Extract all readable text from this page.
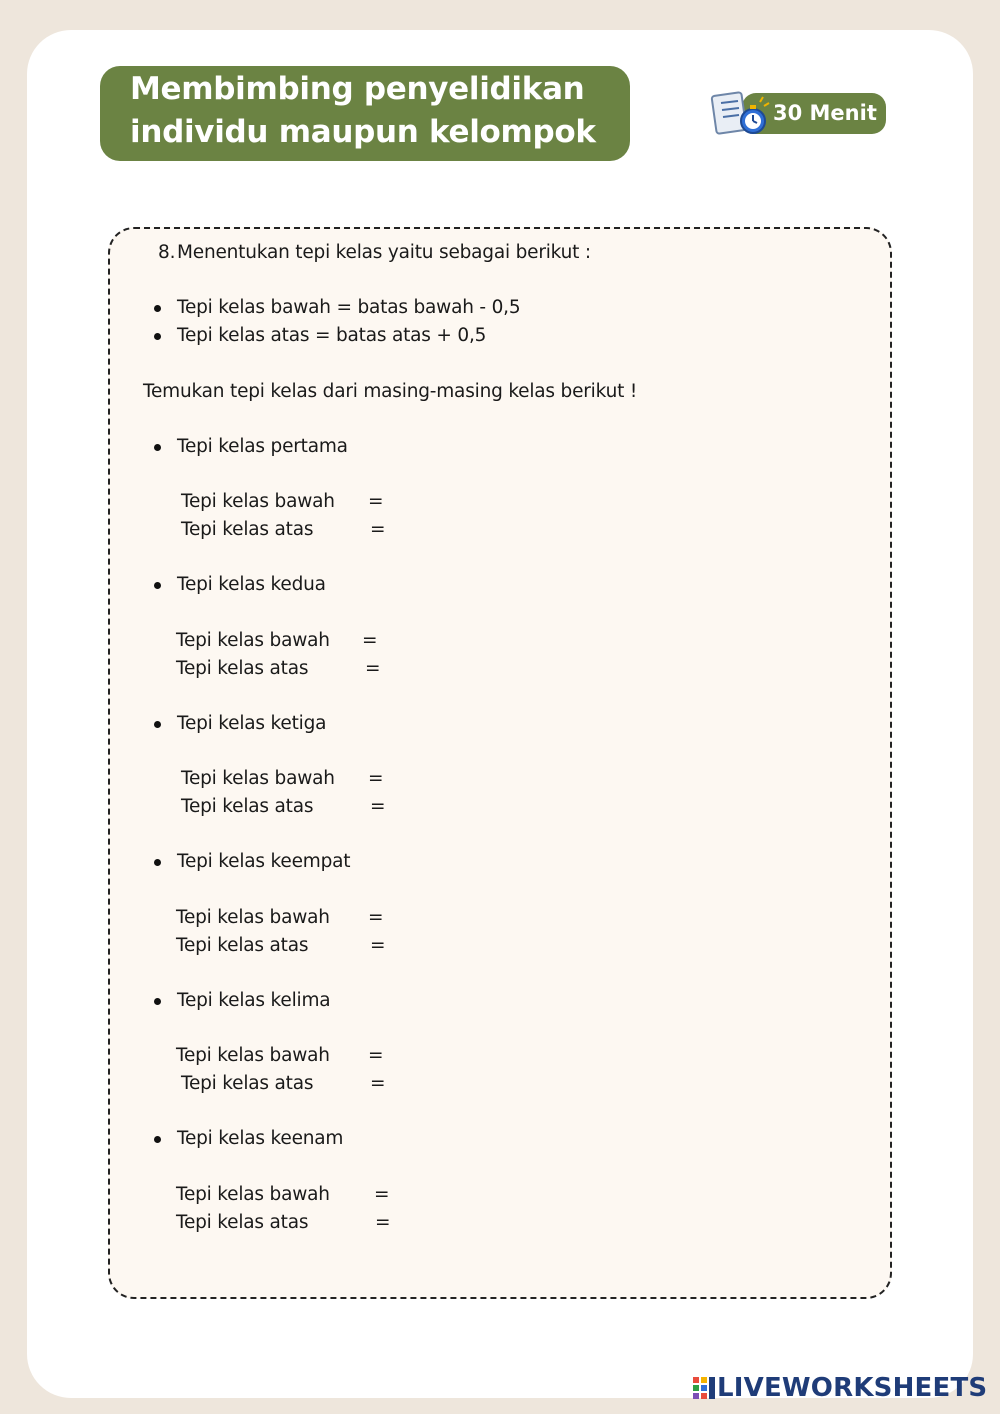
Membimbing penyelidikan
individu maupun kelompok
30 Menit
8. Menentukan tepi kelas yaitu sebagai berikut :
Tepi kelas bawah = batas bawah - 0,5
Tepi kelas atas = batas atas + 0,5
Temukan tepi kelas dari masing-masing kelas berikut !
Tepi kelas pertama
Tepi kelas bawah =
Tepi kelas atas	=
Tepi kelas kedua
Tepi kelas bawah =
Tepi kelas atas	=
Tepi kelas ketiga
Tepi kelas bawah =
Tepi kelas atas	=
Tepi kelas keempat
Tepi kelas bawah =
Tepi kelas atas	=
Tepi kelas kelima
Tepi kelas bawah =
Tepi kelas atas	=
Tepi kelas keenam
Tepi kelas bawah =
Tepi kelas atas	=
LIVEWORKSHEETS
